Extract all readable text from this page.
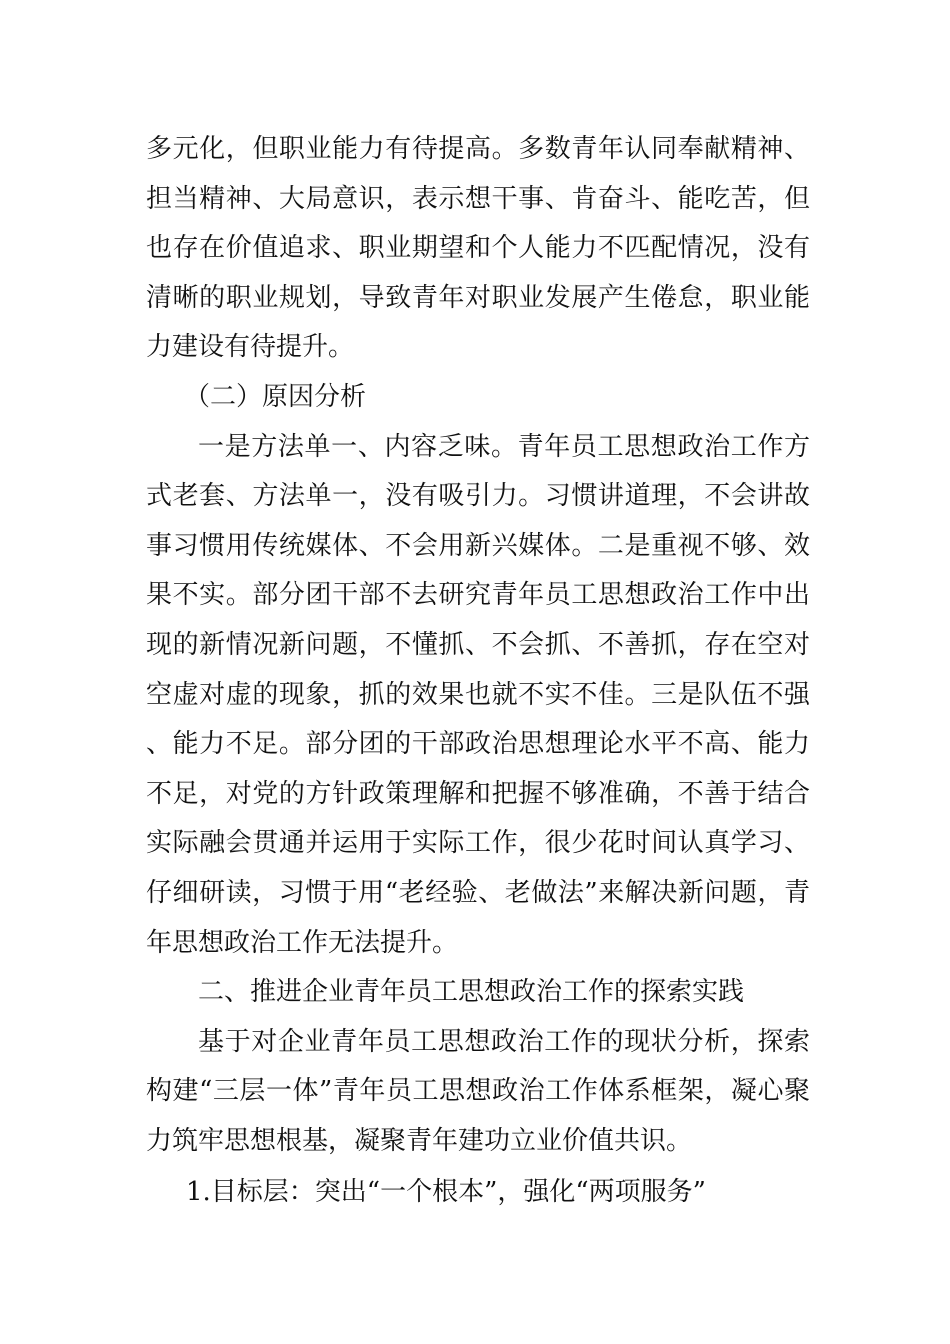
多元化，但职业能力有待提高。多数青年认同奉献精神、担当精神、大局意识，表示想干事、肯奋斗、能吃苦，但也存在价值追求、职业期望和个人能力不匹配情况，没有清晰的职业规划，导致青年对职业发展产生倦怠，职业能力建设有待提升。

（二）原因分析

一是方法单一、内容乏味。青年员工思想政治工作方式老套、方法单一，没有吸引力。习惯讲道理，不会讲故事习惯用传统媒体、不会用新兴媒体。二是重视不够、效果不实。部分团干部不去研究青年员工思想政治工作中出现的新情况新问题，不懂抓、不会抓、不善抓，存在空对空虚对虚的现象，抓的效果也就不实不佳。三是队伍不强、能力不足。部分团的干部政治思想理论水平不高、能力不足，对党的方针政策理解和把握不够准确，不善于结合实际融会贯通并运用于实际工作，很少花时间认真学习、仔细研读，习惯于用“老经验、老做法”来解决新问题，青年思想政治工作无法提升。

二、推进企业青年员工思想政治工作的探索实践

基于对企业青年员工思想政治工作的现状分析，探索构建“三层一体”青年员工思想政治工作体系框架，凝心聚力筑牢思想根基，凝聚青年建功立业价值共识。

1.目标层：突出“一个根本”，强化“两项服务”
